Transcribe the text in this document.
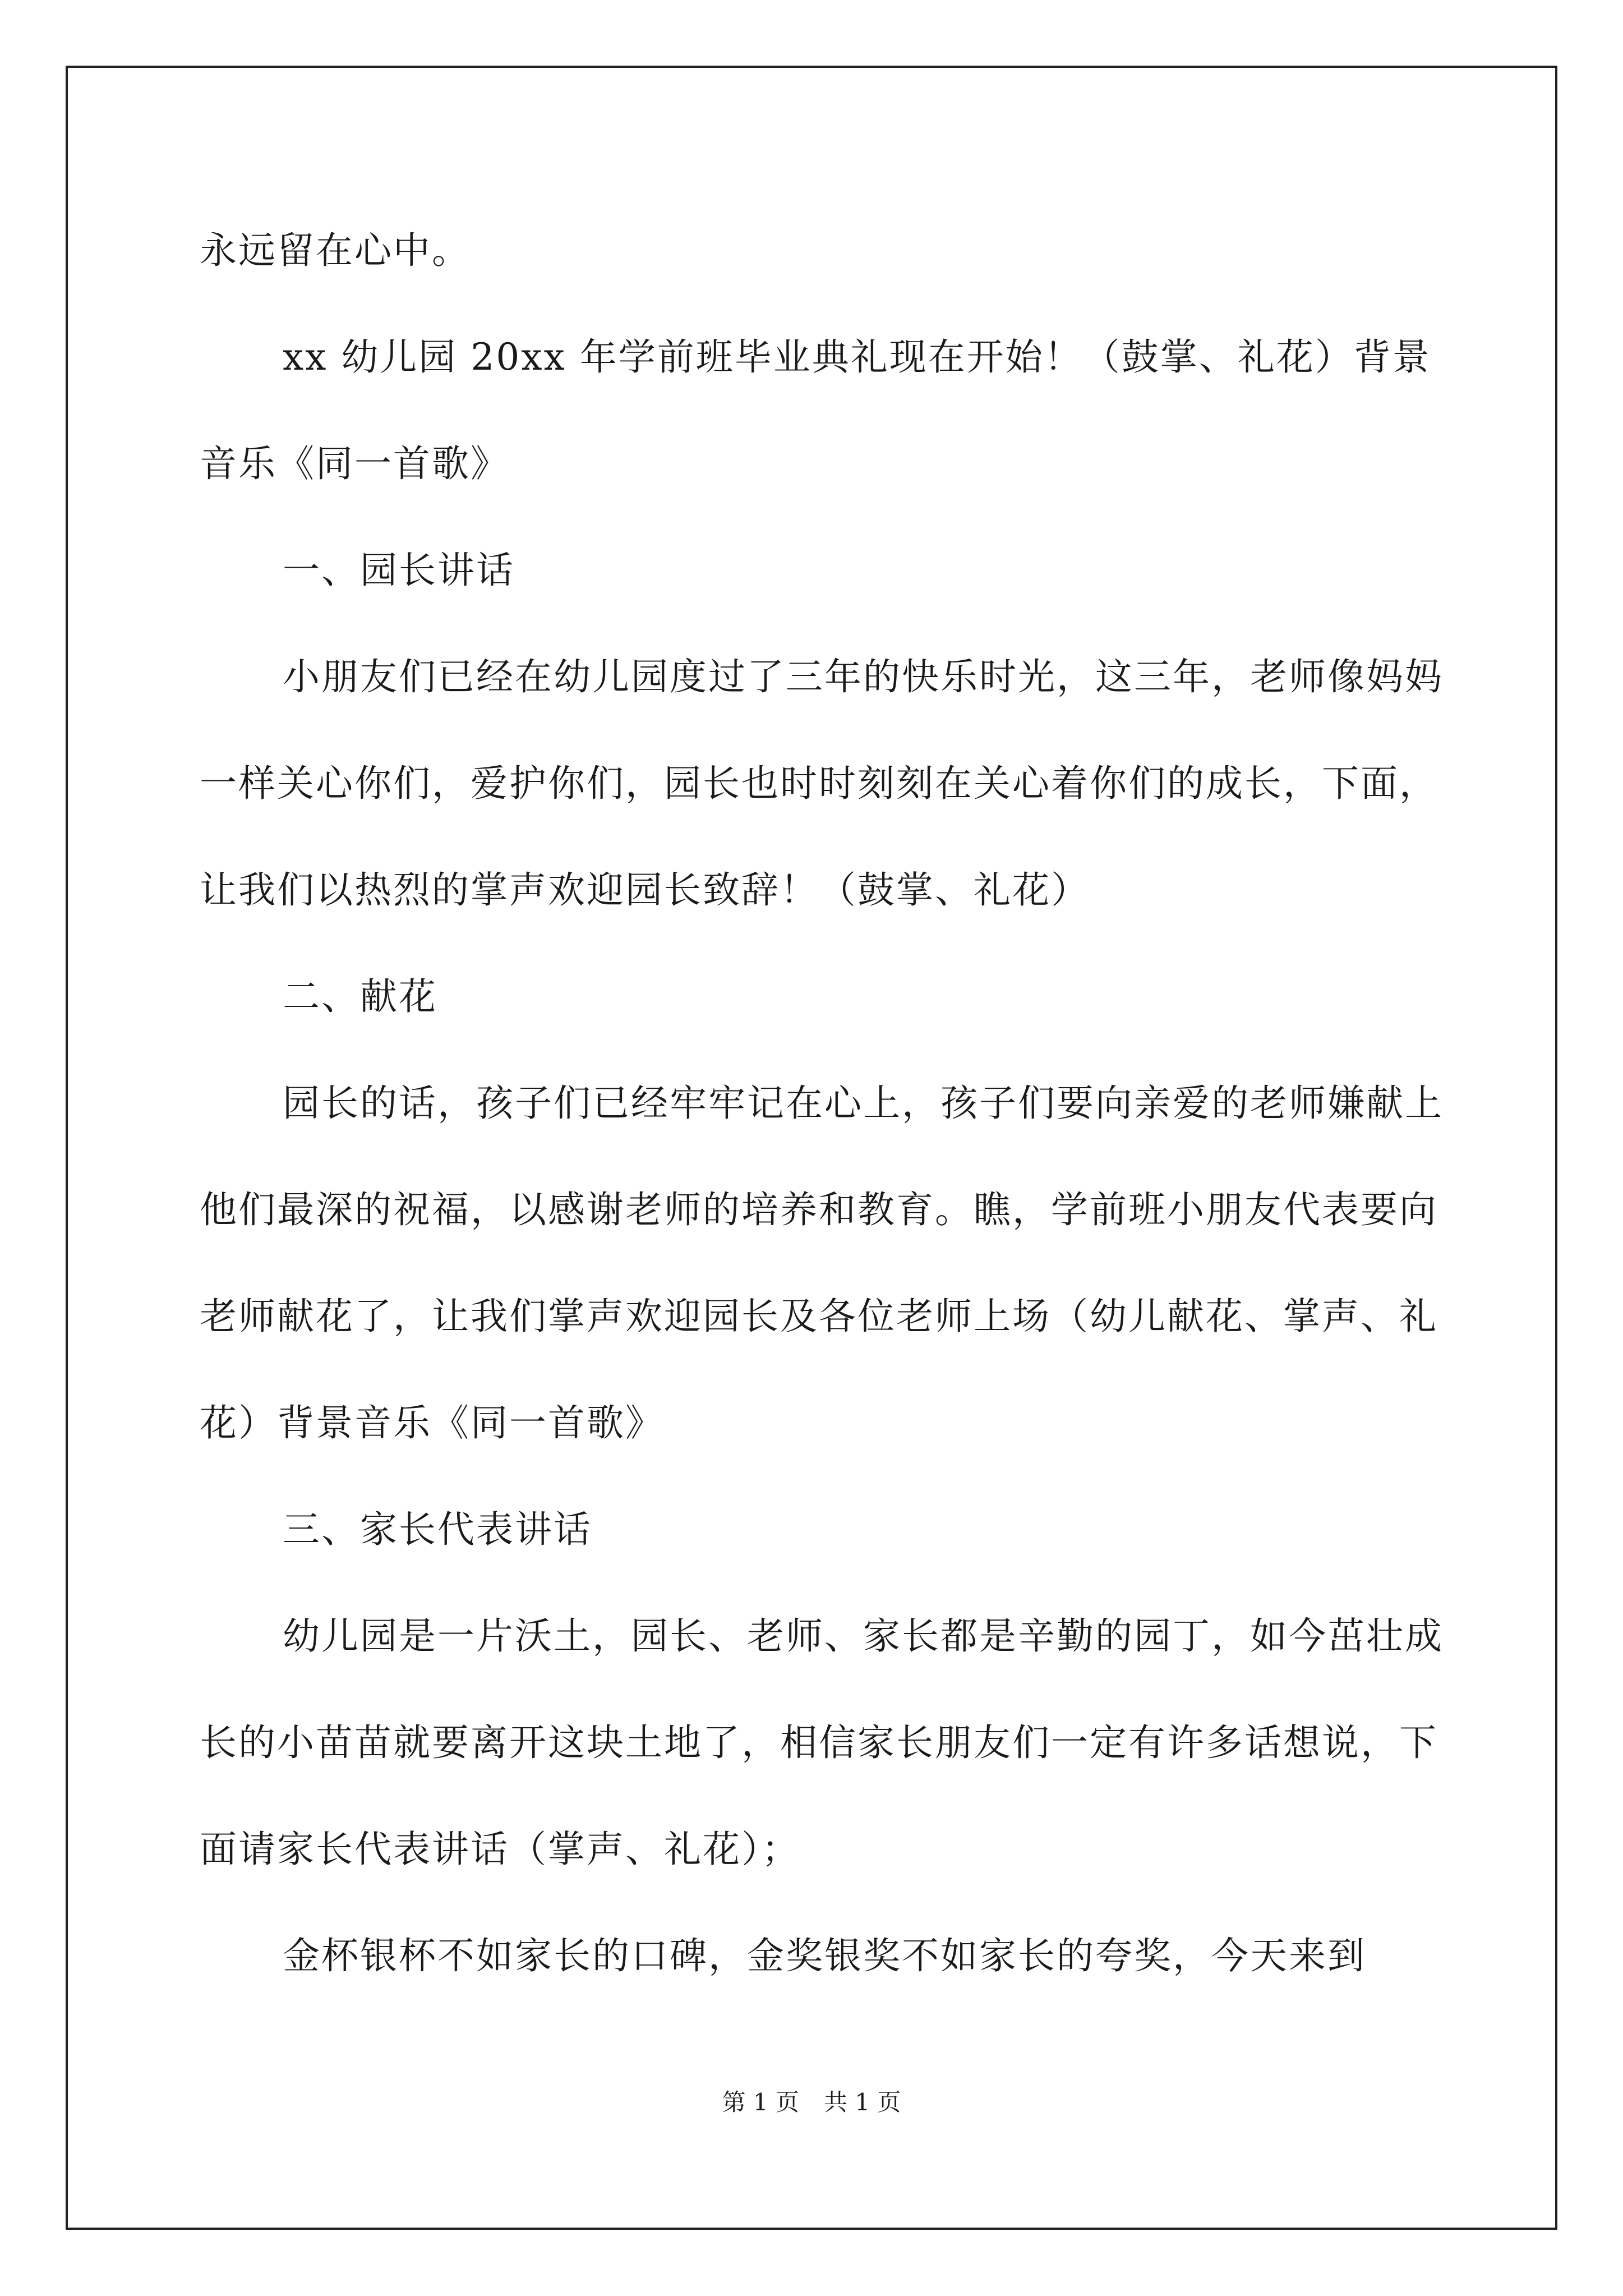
永远留在心中。

xx 幼儿园 20xx 年学前班毕业典礼现在开始！（鼓掌、礼花）背景音乐《同一首歌》

一、园长讲话

小朋友们已经在幼儿园度过了三年的快乐时光，这三年，老师像妈妈一样关心你们，爱护你们，园长也时时刻刻在关心着你们的成长，下面，让我们以热烈的掌声欢迎园长致辞！（鼓掌、礼花）

二、献花

园长的话，孩子们已经牢牢记在心上，孩子们要向亲爱的老师嫌献上他们最深的祝福，以感谢老师的培养和教育。瞧，学前班小朋友代表要向老师献花了，让我们掌声欢迎园长及各位老师上场（幼儿献花、掌声、礼花）背景音乐《同一首歌》

三、家长代表讲话

幼儿园是一片沃土，园长、老师、家长都是辛勤的园丁，如今茁壮成长的小苗苗就要离开这块土地了，相信家长朋友们一定有许多话想说，下面请家长代表讲话（掌声、礼花）；

金杯银杯不如家长的口碑，金奖银奖不如家长的夸奖，今天来到

第 1 页 共 1 页
